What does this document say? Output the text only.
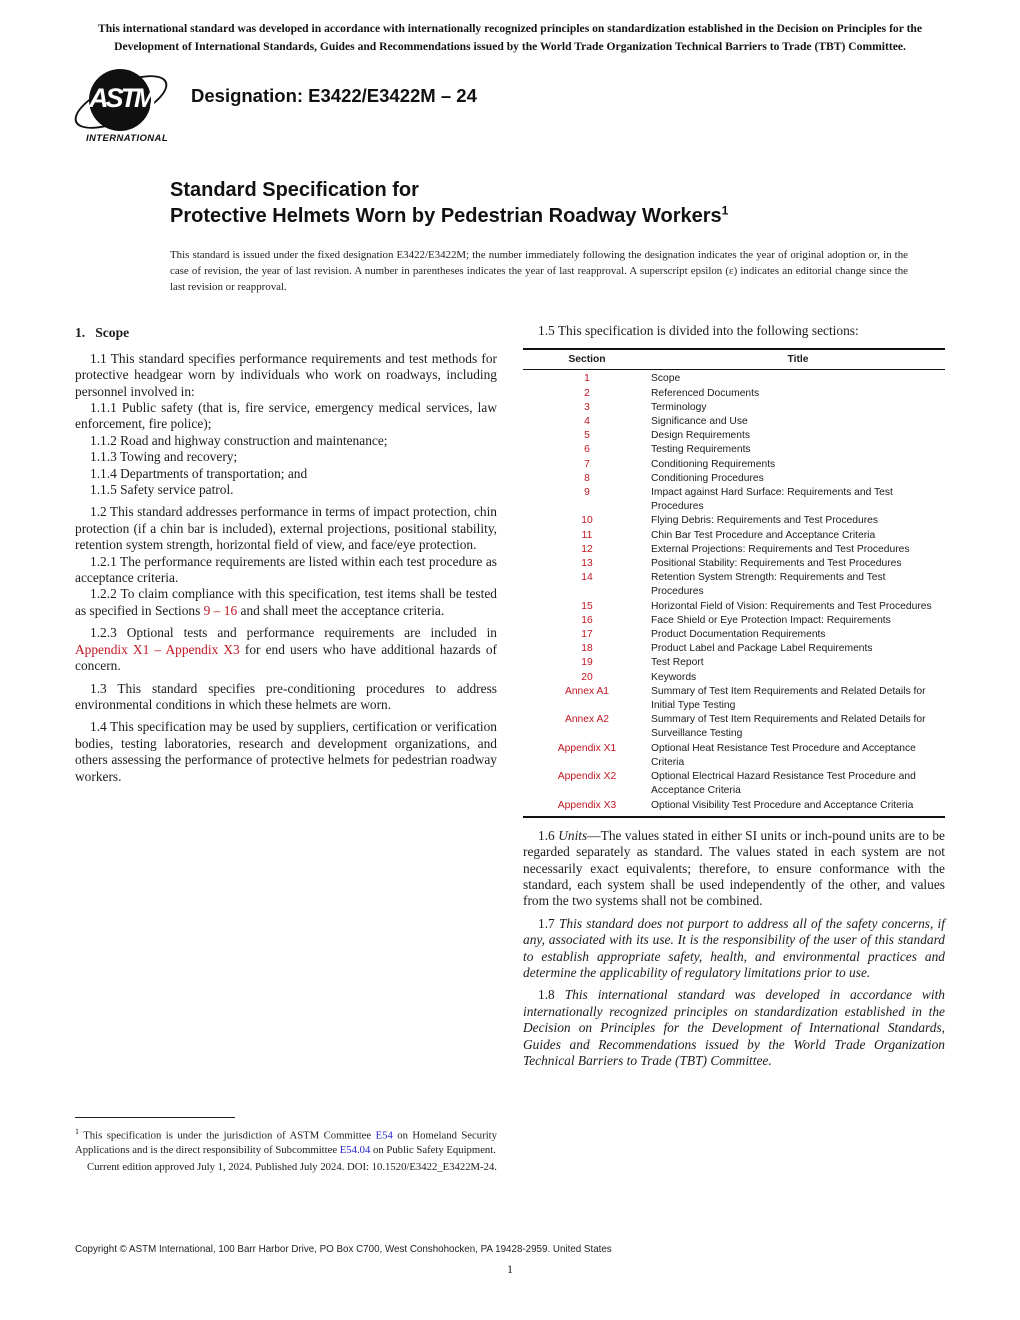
This international standard was developed in accordance with internationally recognized principles on standardization established in the Decision on Principles for the Development of International Standards, Guides and Recommendations issued by the World Trade Organization Technical Barriers to Trade (TBT) Committee.
ASTM
INTERNATIONAL
Designation: E3422/E3422M – 24
Standard Specification for
Protective Helmets Worn by Pedestrian Roadway Workers$^1$
This standard is issued under the fixed designation E3422/E3422M; the number immediately following the designation indicates the year of original adoption or, in the case of revision, the year of last revision. A number in parentheses indicates the year of last reapproval. A superscript epsilon (ε) indicates an editorial change since the last revision or reapproval.
1. Scope

1.1 This standard specifies performance requirements and test methods for protective headgear worn by individuals who work on roadways, including personnel involved in:

1.1.1 Public safety (that is, fire service, emergency medical services, law enforcement, fire police);

1.1.2 Road and highway construction and maintenance;

1.1.3 Towing and recovery;

1.1.4 Departments of transportation; and

1.1.5 Safety service patrol.

1.2 This standard addresses performance in terms of impact protection, chin protection (if a chin bar is included), external projections, positional stability, retention system strength, horizontal field of view, and face/eye protection.

1.2.1 The performance requirements are listed within each test procedure as acceptance criteria.

1.2.2 To claim compliance with this specification, test items shall be tested as specified in Sections 9 – 16 and shall meet the acceptance criteria.

1.2.3 Optional tests and performance requirements are included in Appendix X1 – Appendix X3 for end users who have additional hazards of concern.

1.3 This standard specifies pre-conditioning procedures to address environmental conditions in which these helmets are worn.

1.4 This specification may be used by suppliers, certification or verification bodies, testing laboratories, research and development organizations, and others assessing the performance of protective helmets for pedestrian roadway workers.

$^1$ This specification is under the jurisdiction of ASTM Committee E54 on Homeland Security Applications and is the direct responsibility of Subcommittee E54.04 on Public Safety Equipment.

Current edition approved July 1, 2024. Published July 2024. DOI: 10.1520/E3422_E3422M-24.

1.5 This specification is divided into the following sections:

Section	Title
1	Scope
2	Referenced Documents
3	Terminology
4	Significance and Use
5	Design Requirements
6	Testing Requirements
7	Conditioning Requirements
8	Conditioning Procedures
9	Impact against Hard Surface: Requirements and Test Procedures
10	Flying Debris: Requirements and Test Procedures
11	Chin Bar Test Procedure and Acceptance Criteria
12	External Projections: Requirements and Test Procedures
13	Positional Stability: Requirements and Test Procedures
14	Retention System Strength: Requirements and Test Procedures
15	Horizontal Field of Vision: Requirements and Test Procedures
16	Face Shield or Eye Protection Impact: Requirements
17	Product Documentation Requirements
18	Product Label and Package Label Requirements
19	Test Report
20	Keywords
Annex A1	Summary of Test Item Requirements and Related Details for Initial Type Testing
Annex A2	Summary of Test Item Requirements and Related Details for Surveillance Testing
Appendix X1	Optional Heat Resistance Test Procedure and Acceptance Criteria
Appendix X2	Optional Electrical Hazard Resistance Test Procedure and Acceptance Criteria
Appendix X3	Optional Visibility Test Procedure and Acceptance Criteria

1.6 Units—The values stated in either SI units or inch-pound units are to be regarded separately as standard. The values stated in each system are not necessarily exact equivalents; therefore, to ensure conformance with the standard, each system shall be used independently of the other, and values from the two systems shall not be combined.

1.7 This standard does not purport to address all of the safety concerns, if any, associated with its use. It is the responsibility of the user of this standard to establish appropriate safety, health, and environmental practices and determine the applicability of regulatory limitations prior to use.

1.8 This international standard was developed in accordance with internationally recognized principles on standardization established in the Decision on Principles for the Development of International Standards, Guides and Recommendations issued by the World Trade Organization Technical Barriers to Trade (TBT) Committee.

Copyright © ASTM International, 100 Barr Harbor Drive, PO Box C700, West Conshohocken, PA 19428-2959. United States

1
